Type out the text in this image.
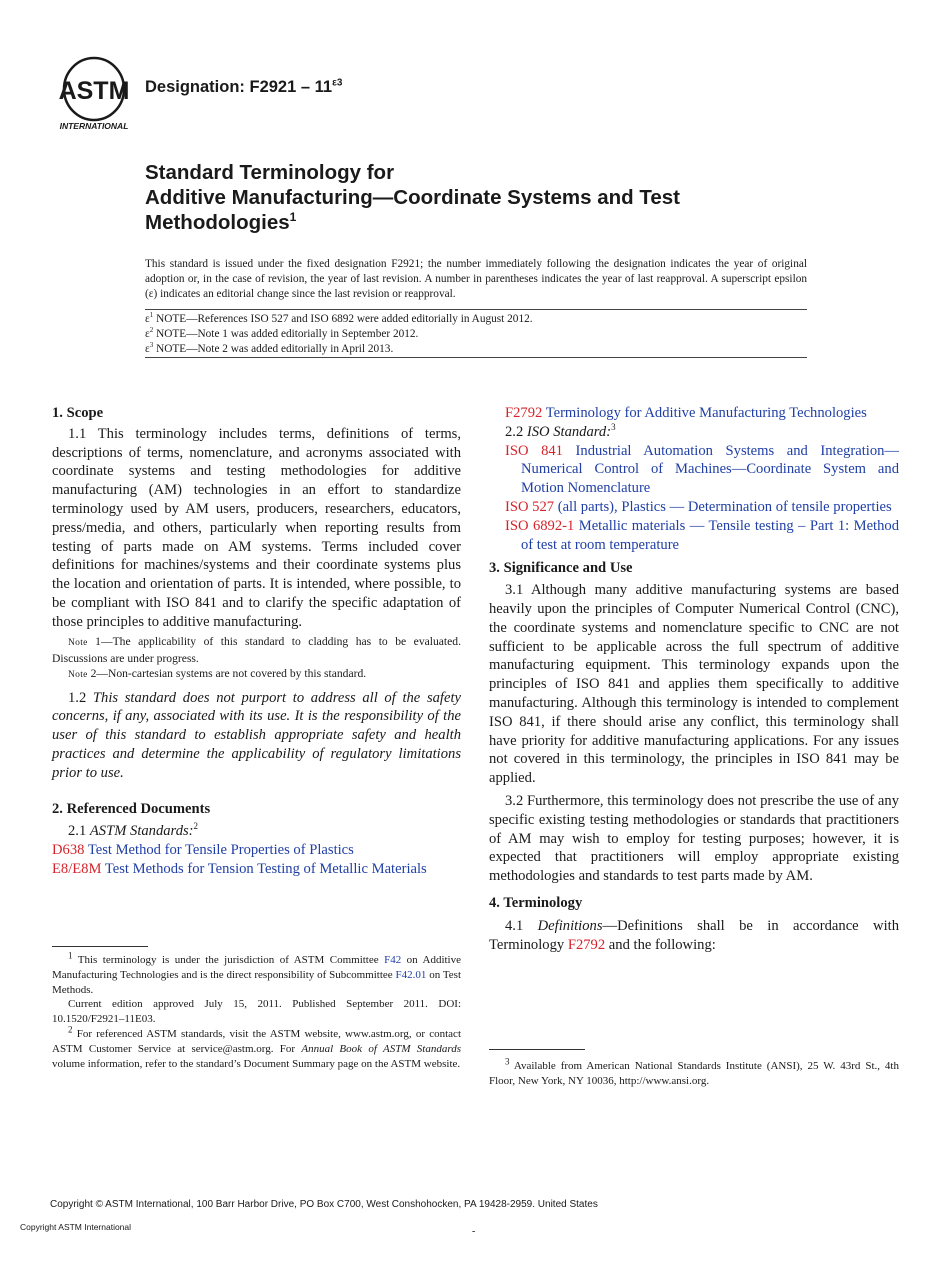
ASTM
INTERNATIONAL
Designation: $F2921 - 11^{\varepsilon 3}$
Standard Terminology for
Additive Manufacturing—Coordinate Systems and Test
Methodologies$^1$
This standard is issued under the fixed designation F2921; the number immediately following the designation indicates the year of original adoption or, in the case of revision, the year of last revision. A number in parentheses indicates the year of last reapproval. A superscript epsilon (ε) indicates an editorial change since the last revision or reapproval.
$\varepsilon^1$ NOTE—References ISO 527 and ISO 6892 were added editorially in August 2012.
$\varepsilon^2$ NOTE—Note 1 was added editorially in September 2012.
$\varepsilon^3$ NOTE—Note 2 was added editorially in April 2013.

1. Scope

1.1 This terminology includes terms, definitions of terms, descriptions of terms, nomenclature, and acronyms associated with coordinate systems and testing methodologies for additive manufacturing (AM) technologies in an effort to standardize terminology used by AM users, producers, researchers, educators, press/media, and others, particularly when reporting results from testing of parts made on AM systems. Terms included cover definitions for machines/systems and their coordinate systems plus the location and orientation of parts. It is intended, where possible, to be compliant with ISO 841 and to clarify the specific adaptation of those principles to additive manufacturing.

Note 1—The applicability of this standard to cladding has to be evaluated. Discussions are under progress.

Note 2—Non-cartesian systems are not covered by this standard.

1.2 This standard does not purport to address all of the safety concerns, if any, associated with its use. It is the responsibility of the user of this standard to establish appropriate safety and health practices and determine the applicability of regulatory limitations prior to use.

2. Referenced Documents

2.1 ASTM Standards:$^2$

D638 Test Method for Tensile Properties of Plastics

E8/E8M Test Methods for Tension Testing of Metallic Materials

$^1$ This terminology is under the jurisdiction of ASTM Committee F42 on Additive Manufacturing Technologies and is the direct responsibility of Subcommittee F42.01 on Test Methods.

Current edition approved July 15, 2011. Published September 2011. DOI: 10.1520/F2921–11E03.

$^2$ For referenced ASTM standards, visit the ASTM website, www.astm.org, or contact ASTM Customer Service at service@astm.org. For Annual Book of ASTM Standards volume information, refer to the standard’s Document Summary page on the ASTM website.

F2792 Terminology for Additive Manufacturing Technologies

2.2 ISO Standard:$^3$

ISO 841 Industrial Automation Systems and Integration—Numerical Control of Machines—Coordinate System and Motion Nomenclature

ISO 527 (all parts), Plastics — Determination of tensile properties

ISO 6892-1 Metallic materials — Tensile testing – Part 1: Method of test at room temperature

3. Significance and Use

3.1 Although many additive manufacturing systems are based heavily upon the principles of Computer Numerical Control (CNC), the coordinate systems and nomenclature specific to CNC are not sufficient to be applicable across the full spectrum of additive manufacturing equipment. This terminology expands upon the principles of ISO 841 and applies them specifically to additive manufacturing. Although this terminology is intended to complement ISO 841, if there should arise any conflict, this terminology shall have priority for additive manufacturing applications. For any issues not covered in this terminology, the principles in ISO 841 may be applied.

3.2 Furthermore, this terminology does not prescribe the use of any specific existing testing methodologies or standards that practitioners of AM may wish to employ for testing purposes; however, it is expected that practitioners will employ appropriate existing methodologies and standards to test parts made by AM.

4. Terminology

4.1 Definitions—Definitions shall be in accordance with Terminology F2792 and the following:

$^3$ Available from American National Standards Institute (ANSI), 25 W. 43rd St., 4th Floor, New York, NY 10036, http://www.ansi.org.

Copyright © ASTM International, 100 Barr Harbor Drive, PO Box C700, West Conshohocken, PA 19428-2959. United States
Copyright ASTM International	-
